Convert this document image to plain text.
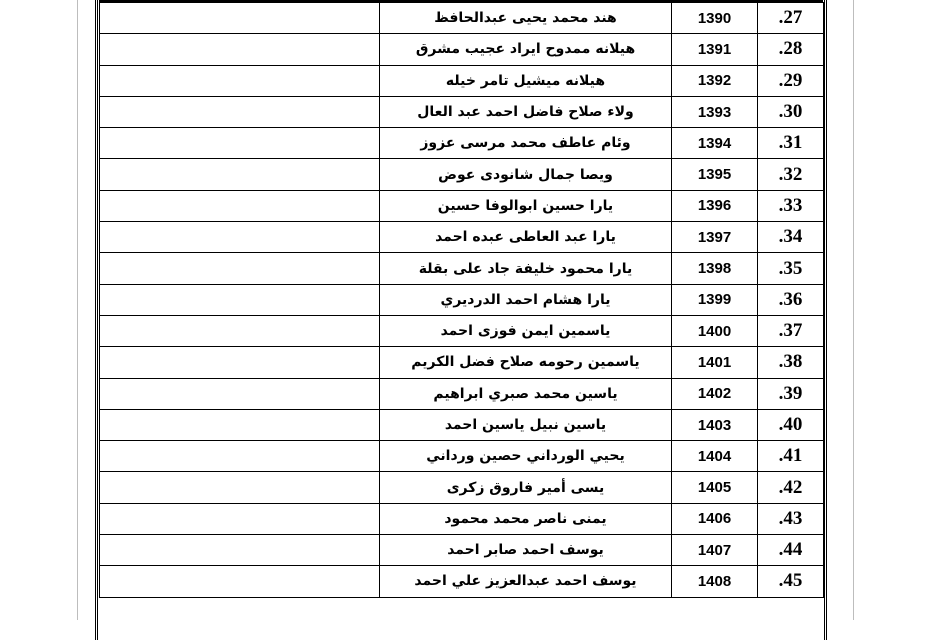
	هند محمد يحيى عبدالحافظ	1390	.27
	هيلانه ممدوح ايراد عجيب مشرق	1391	.28
	هيلانه ميشيل تامر خيله	1392	.29
	ولاء صلاح فاضل احمد عبد العال	1393	.30
	وئام عاطف محمد مرسى عزوز	1394	.31
	ويصا جمال شانودى عوض	1395	.32
	يارا حسين ابوالوفا حسين	1396	.33
	يارا عبد العاطى عبده احمد	1397	.34
	يارا محمود خليفة جاد على بقلة	1398	.35
	يارا هشام احمد الدرديري	1399	.36
	ياسمين ايمن فوزى احمد	1400	.37
	ياسمين رحومه صلاح فضل الكريم	1401	.38
	ياسين محمد صبري ابراهيم	1402	.39
	ياسين نبيل ياسين احمد	1403	.40
	يحيي الورداني حصين ورداني	1404	.41
	يسى أمير فاروق زكرى	1405	.42
	يمنى ناصر محمد محمود	1406	.43
	يوسف احمد صابر احمد	1407	.44
	يوسف احمد عبدالعزيز علي احمد	1408	.45
